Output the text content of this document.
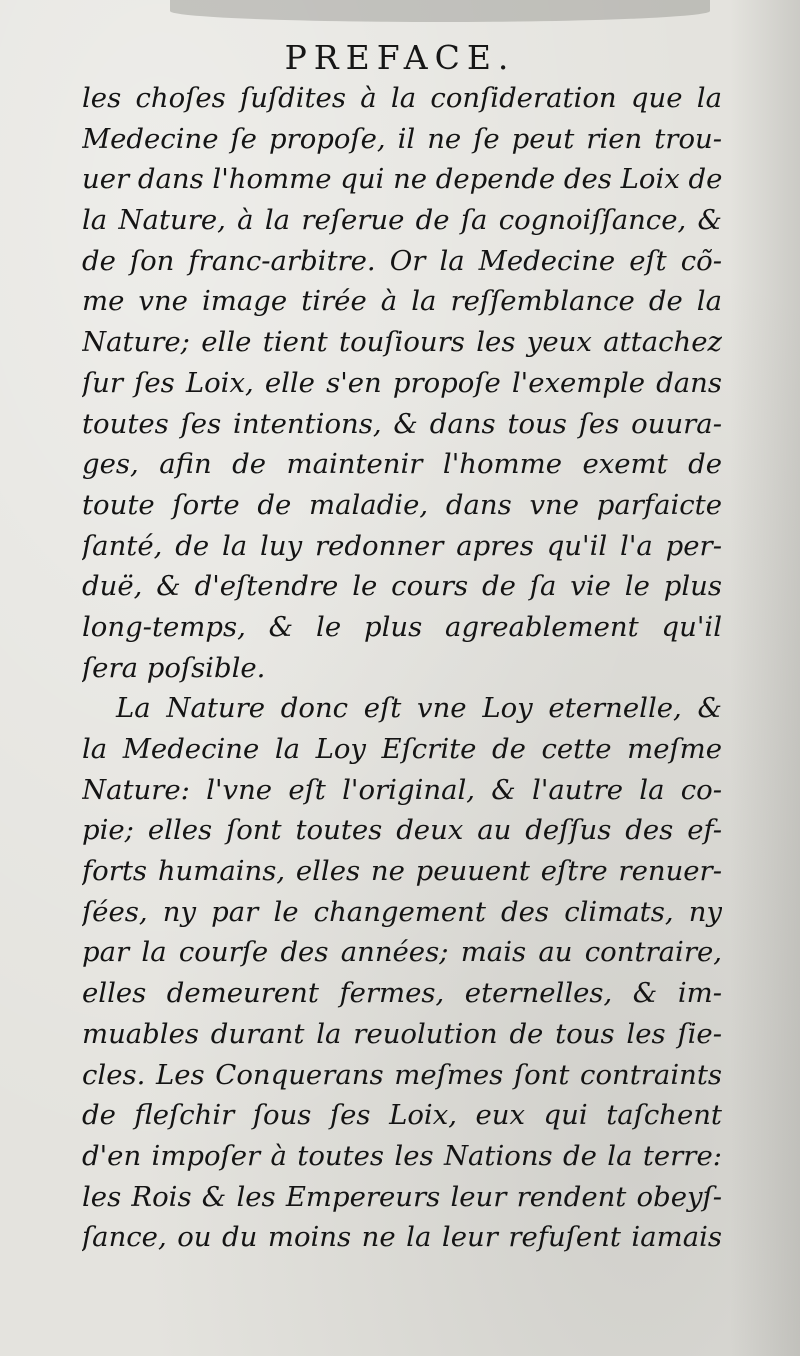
PREFACE.
les choſes ſuſdites à la conſideration que la
Medecine ſe propoſe, il ne ſe peut rien trou-
uer dans l'homme qui ne depende des Loix de
la Nature, à la reſerue de ſa cognoiſſance, &
de ſon franc-arbitre. Or la Medecine eſt cõ-
me vne image tirée à la reſſemblance de la
Nature; elle tient touſiours les yeux attachez
ſur ſes Loix, elle s'en propoſe l'exemple dans
toutes ſes intentions, & dans tous ſes ouura-
ges, afin de maintenir l'homme exemt de
toute ſorte de maladie, dans vne parfaicte
ſanté, de la luy redonner apres qu'il l'a per-
duë, & d'eſtendre le cours de ſa vie le plus
long-temps, & le plus agreablement qu'il
ſera poſsible.
La Nature donc eſt vne Loy eternelle, &
la Medecine la Loy Eſcrite de cette meſme
Nature: l'vne eſt l'original, & l'autre la co-
pie; elles ſont toutes deux au deſſus des ef-
forts humains, elles ne peuuent eſtre renuer-
ſées, ny par le changement des climats, ny
par la courſe des années; mais au contraire,
elles demeurent fermes, eternelles, & im-
muables durant la reuolution de tous les ſie-
cles. Les Conquerans meſmes ſont contraints
de fleſchir ſous ſes Loix, eux qui taſchent
d'en impoſer à toutes les Nations de la terre:
les Rois & les Empereurs leur rendent obeyſ-
ſance, ou du moins ne la leur refuſent iamais
